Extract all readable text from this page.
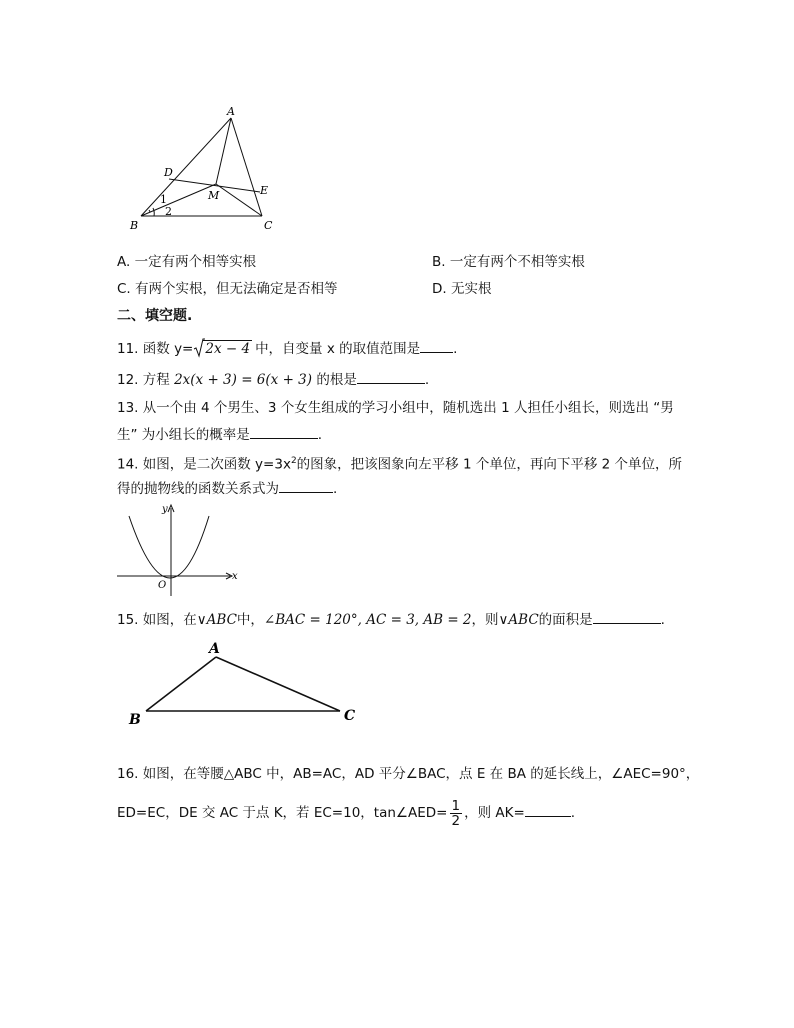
A
D
E
M
B	C
1
2
A. 一定有两个相等实根	B. 一定有两个不相等实根
C. 有两个实根，但无法确定是否相等	D. 无实根
二、填空题.
11. 函数 y= 2x − 4 中，自变量 x 的取值范围是 .
12. 方程 2x(x + 3) = 6(x + 3) 的根是	.
13. 从一个由 4 个男生、3 个女生组成的学习小组中，随机选出 1 人担任小组长，则选出 “男
生” 为小组长的概率是	.
14. 如图，是二次函数 $y=3x^2$的图象，把该图象向左平移 1 个单位，再向下平移 2 个单位，所
得的抛物线的函数关系式为	.
y
x
O
15. 如图，在∨ABC中，∠BAC = 120°, AC = 3, AB = 2，则∨ABC的面积是	.
A
B	C
16. 如图，在等腰△ABC 中，AB=AC，AD 平分∠BAC，点 E 在 BA 的延长线上，∠AEC=90°，
ED=EC，DE 交 AC 于点 K，若 EC=10，tan∠AED= $\frac{1}{2}$ ，则 AK=	.
